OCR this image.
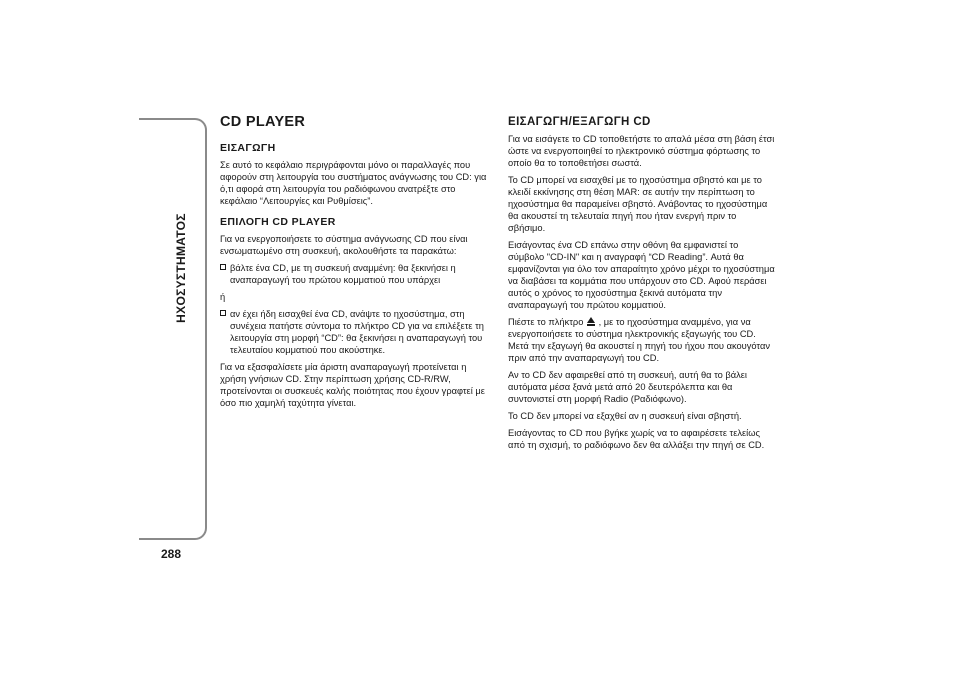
ΗΧΟΣΥΣΤΗΜΑΤΟΣ
288
CD PLAYER
ΕΙΣΑΓΩΓΗ

Σε αυτό το κεφάλαιο περιγράφονται μόνο οι παραλλαγές που αφορούν στη λειτουργία του συστήματος ανάγνωσης του CD: για ό,τι αφορά στη λειτουργία του ραδιόφωνου ανατρέξτε στο κεφάλαιο “Λειτουργίες και Ρυθμίσεις”.

ΕΠΙΛΟΓΗ CD PLAYER

Για να ενεργοποιήσετε το σύστημα ανάγνωσης CD που είναι ενσωματωμένο στη συσκευή, ακολουθήστε τα παρακάτω:

βάλτε ένα CD, με τη συσκευή αναμμένη: θα ξεκινήσει η αναπαραγωγή του πρώτου κομματιού που υπάρχει

ή

αν έχει ήδη εισαχθεί ένα CD, ανάψτε το ηχοσύστημα, στη συνέχεια πατήστε σύντομα το πλήκτρο CD για να επιλέξετε τη λειτουργία στη μορφή “CD”: θα ξεκινήσει η αναπαραγωγή του τελευταίου κομματιού που ακούστηκε.

Για να εξασφαλίσετε μία άριστη αναπαραγωγή προτείνεται η χρήση γνήσιων CD. Στην περίπτωση χρήσης CD-R/RW, προτείνονται οι συσκευές καλής ποιότητας που έχουν γραφτεί με όσο πιο χαμηλή ταχύτητα γίνεται.

ΕΙΣΑΓΩΓΗ/ΕΞΑΓΩΓΗ CD

Για να εισάγετε το CD τοποθετήστε το απαλά μέσα στη βάση έτσι ώστε να ενεργοποιηθεί το ηλεκτρονικό σύστημα φόρτωσης το οποίο θα το τοποθετήσει σωστά.

Το CD μπορεί να εισαχθεί με το ηχοσύστημα σβηστό και με το κλειδί εκκίνησης στη θέση MAR: σε αυτήν την περίπτωση το ηχοσύστημα θα παραμείνει σβηστό. Ανάβοντας το ηχοσύστημα θα ακουστεί τη τελευταία πηγή που ήταν ενεργή πριν το σβήσιμο.

Εισάγοντας ένα CD επάνω στην οθόνη θα εμφανιστεί το σύμβολο "CD-IN" και η αναγραφή “CD Reading”. Αυτά θα εμφανίζονται για όλο τον απαραίτητο χρόνο μέχρι το ηχοσύστημα να διαβάσει τα κομμάτια που υπάρχουν στο CD. Αφού περάσει αυτός ο χρόνος το ηχοσύστημα ξεκινά αυτόματα την αναπαραγωγή του πρώτου κομματιού.

Πιέστε το πλήκτρο , με το ηχοσύστημα αναμμένο, για να ενεργοποιήσετε το σύστημα ηλεκτρονικής εξαγωγής του CD. Μετά την εξαγωγή θα ακουστεί η πηγή του ήχου που ακουγόταν πριν από την αναπαραγωγή του CD.

Αν το CD δεν αφαιρεθεί από τη συσκευή, αυτή θα το βάλει αυτόματα μέσα ξανά μετά από 20 δευτερόλεπτα και θα συντονιστεί στη μορφή Radio (Ραδιόφωνο).

Το CD δεν μπορεί να εξαχθεί αν η συσκευή είναι σβηστή.

Εισάγοντας το CD που βγήκε χωρίς να το αφαιρέσετε τελείως από τη σχισμή, το ραδιόφωνο δεν θα αλλάξει την πηγή σε CD.
